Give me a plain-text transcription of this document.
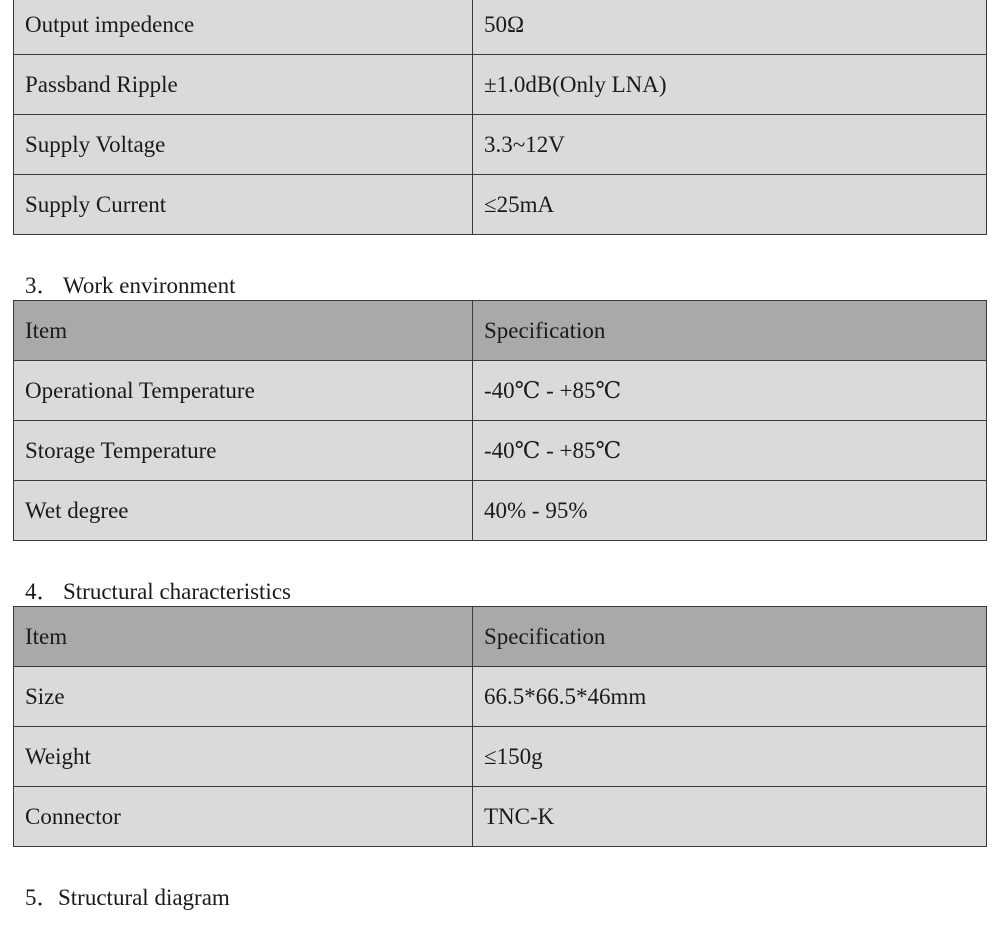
Output impedence	50Ω
Passband Ripple	±1.0dB(Only LNA)
Supply Voltage	3.3~12V
Supply Current	≤25mA
3． Work environment
Item	Specification
Operational Temperature	-40℃ - +85℃
Storage Temperature	-40℃ - +85℃
Wet degree	40% - 95%
4． Structural characteristics
Item	Specification
Size	66.5*66.5*46mm
Weight	≤150g
Connector	TNC-K
5．Structural diagram
